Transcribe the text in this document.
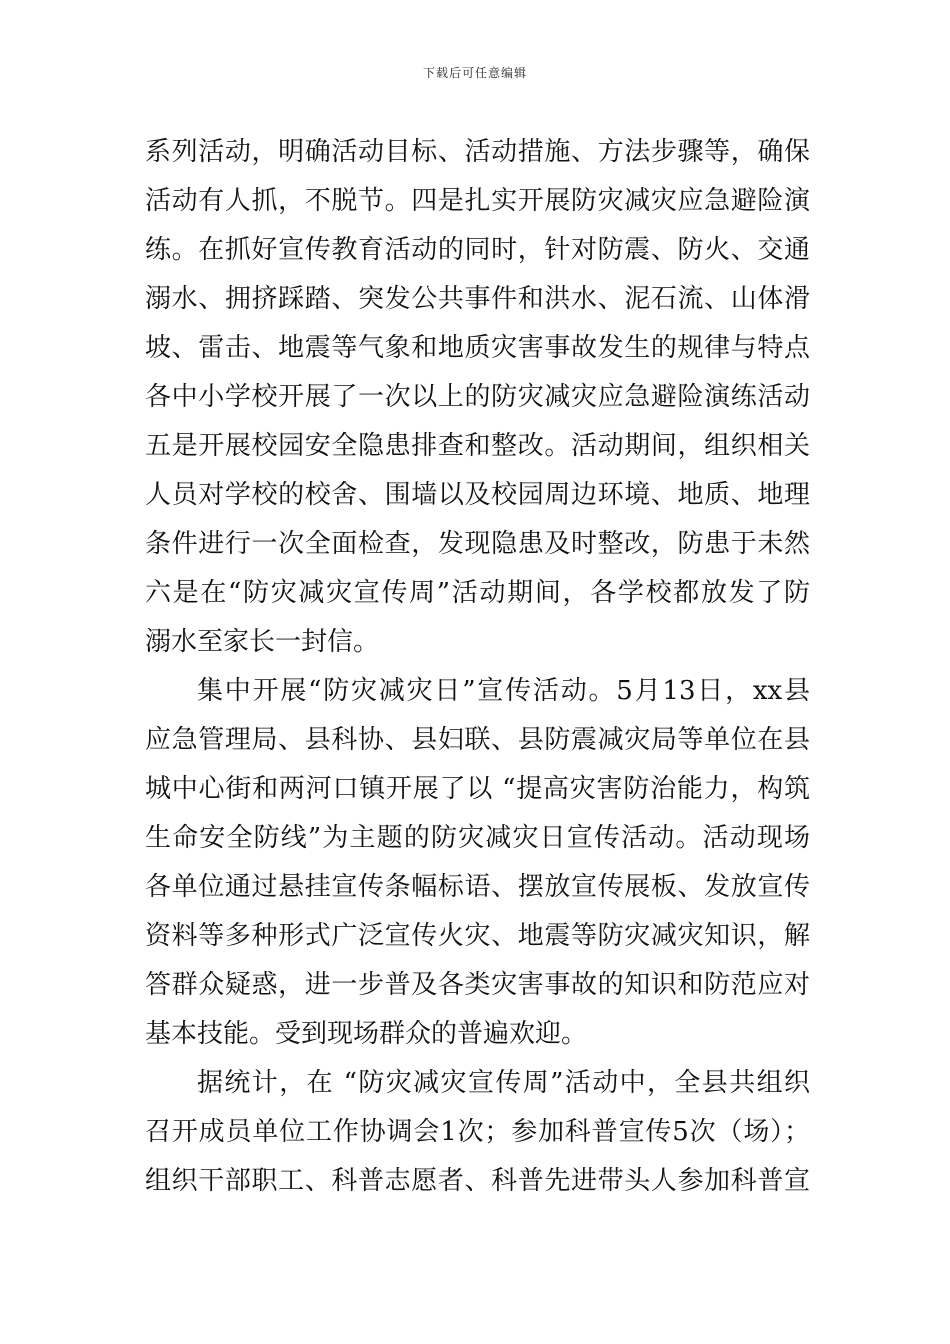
下载后可任意编辑
系列活动，明确活动目标、活动措施、方法步骤等，确保
活动有人抓，不脱节。四是扎实开展防灾减灾应急避险演
练。在抓好宣传教育活动的同时，针对防震、防火、交通
溺水、拥挤踩踏、突发公共事件和洪水、泥石流、山体滑
坡、雷击、地震等气象和地质灾害事故发生的规律与特点
各中小学校开展了一次以上的防灾减灾应急避险演练活动
五是开展校园安全隐患排查和整改。活动期间，组织相关
人员对学校的校舍、围墙以及校园周边环境、地质、地理
条件进行一次全面检查，发现隐患及时整改，防患于未然
六是在“防灾减灾宣传周”活动期间，各学校都放发了防
溺水至家长一封信。
集中开展“防灾减灾日”宣传活动。5月13日，xx县
应急管理局、县科协、县妇联、县防震减灾局等单位在县
城中心街和两河口镇开展了以 “提高灾害防治能力，构筑
生命安全防线”为主题的防灾减灾日宣传活动。活动现场
各单位通过悬挂宣传条幅标语、摆放宣传展板、发放宣传
资料等多种形式广泛宣传火灾、地震等防灾减灾知识，解
答群众疑惑，进一步普及各类灾害事故的知识和防范应对
基本技能。受到现场群众的普遍欢迎。
据统计，在 “防灾减灾宣传周”活动中，全县共组织
召开成员单位工作协调会1次；参加科普宣传5次（场）；
组织干部职工、科普志愿者、科普先进带头人参加科普宣
